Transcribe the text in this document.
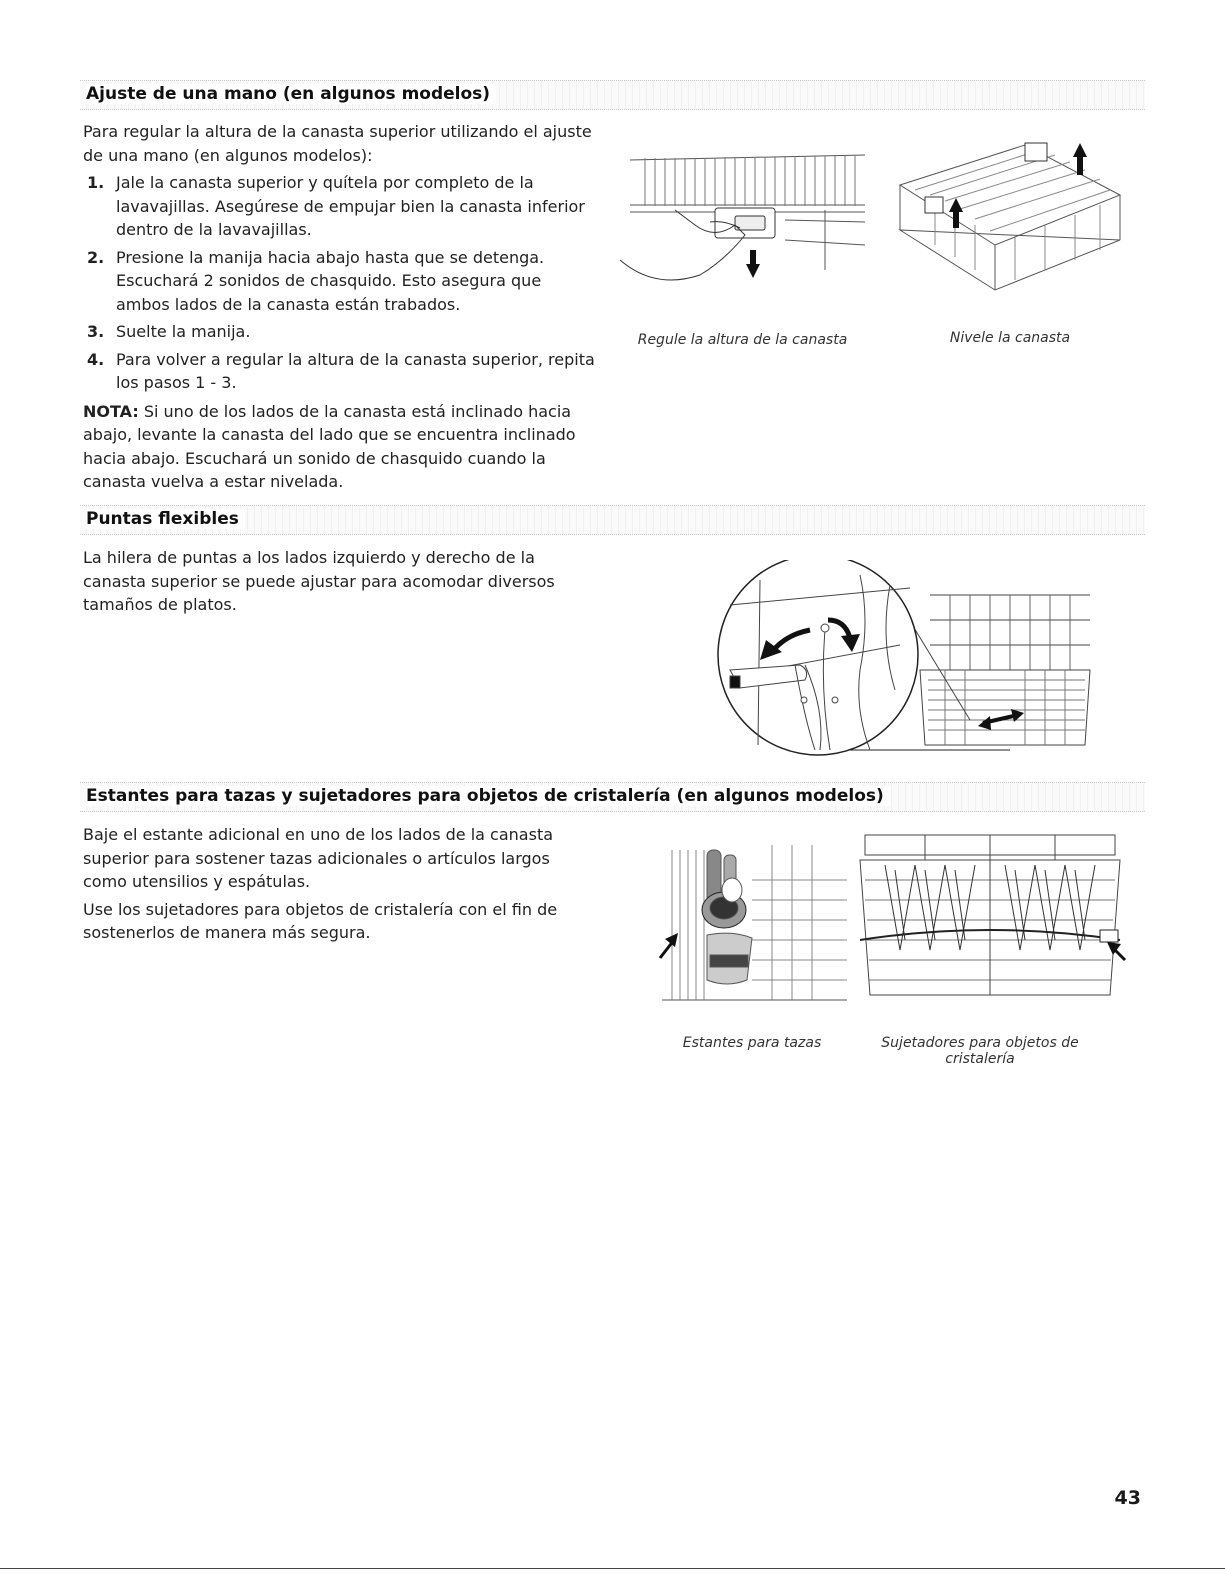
Ajuste de una mano (en algunos modelos)

Para regular la altura de la canasta superior utilizando el ajuste de una mano (en algunos modelos):

1. Jale la canasta superior y quítela por completo de la lavavajillas. Asegúrese de empujar bien la canasta inferior dentro de la lavavajillas.
2. Presione la manija hacia abajo hasta que se detenga. Escuchará 2 sonidos de chasquido. Esto asegura que ambos lados de la canasta están trabados.
3. Suelte la manija.
4. Para volver a regular la altura de la canasta superior, repita los pasos 1 - 3.

NOTA: Si uno de los lados de la canasta está inclinado hacia abajo, levante la canasta del lado que se encuentra inclinado hacia abajo. Escuchará un sonido de chasquido cuando la canasta vuelva a estar nivelada.

Regule la altura de la canasta	Nivele la canasta
Puntas flexibles

La hilera de puntas a los lados izquierdo y derecho de la canasta superior se puede ajustar para acomodar diversos tamaños de platos.

Estantes para tazas y sujetadores para objetos de cristalería (en algunos modelos)

Baje el estante adicional en uno de los lados de la canasta superior para sostener tazas adicionales o artículos largos como utensilios y espátulas.

Use los sujetadores para objetos de cristalería con el fin de sostenerlos de manera más segura.

Estantes para tazas	Sujetadores para objetos de cristalería
43
